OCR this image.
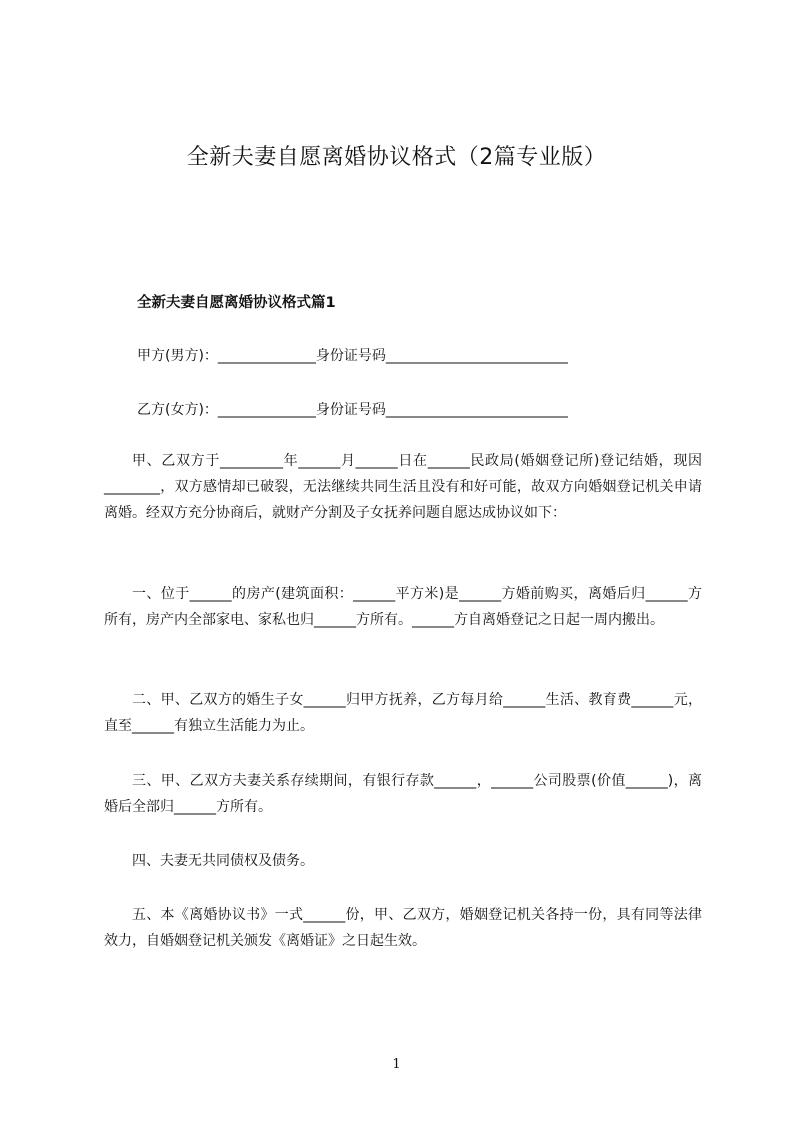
全新夫妻自愿离婚协议格式（2篇专业版）
全新夫妻自愿离婚协议格式篇1

甲方(男方)：______________身份证号码__________________________

乙方(女方)：______________身份证号码__________________________

甲、乙双方于_________年______月______日在______民政局(婚姻登记所)登记结婚，现因________，双方感情却已破裂，无法继续共同生活且没有和好可能，故双方向婚姻登记机关申请离婚。经双方充分协商后，就财产分割及子女抚养问题自愿达成协议如下：

一、位于______的房产(建筑面积：______平方米)是______方婚前购买，离婚后归______方所有，房产内全部家电、家私也归______方所有。______方自离婚登记之日起一周内搬出。

二、甲、乙双方的婚生子女______归甲方抚养，乙方每月给______生活、教育费______元，直至______有独立生活能力为止。

三、甲、乙双方夫妻关系存续期间，有银行存款______，______公司股票(价值______)，离婚后全部归______方所有。

四、夫妻无共同债权及债务。

五、本《离婚协议书》一式______份，甲、乙双方，婚姻登记机关各持一份，具有同等法律效力，自婚姻登记机关颁发《离婚证》之日起生效。

1
